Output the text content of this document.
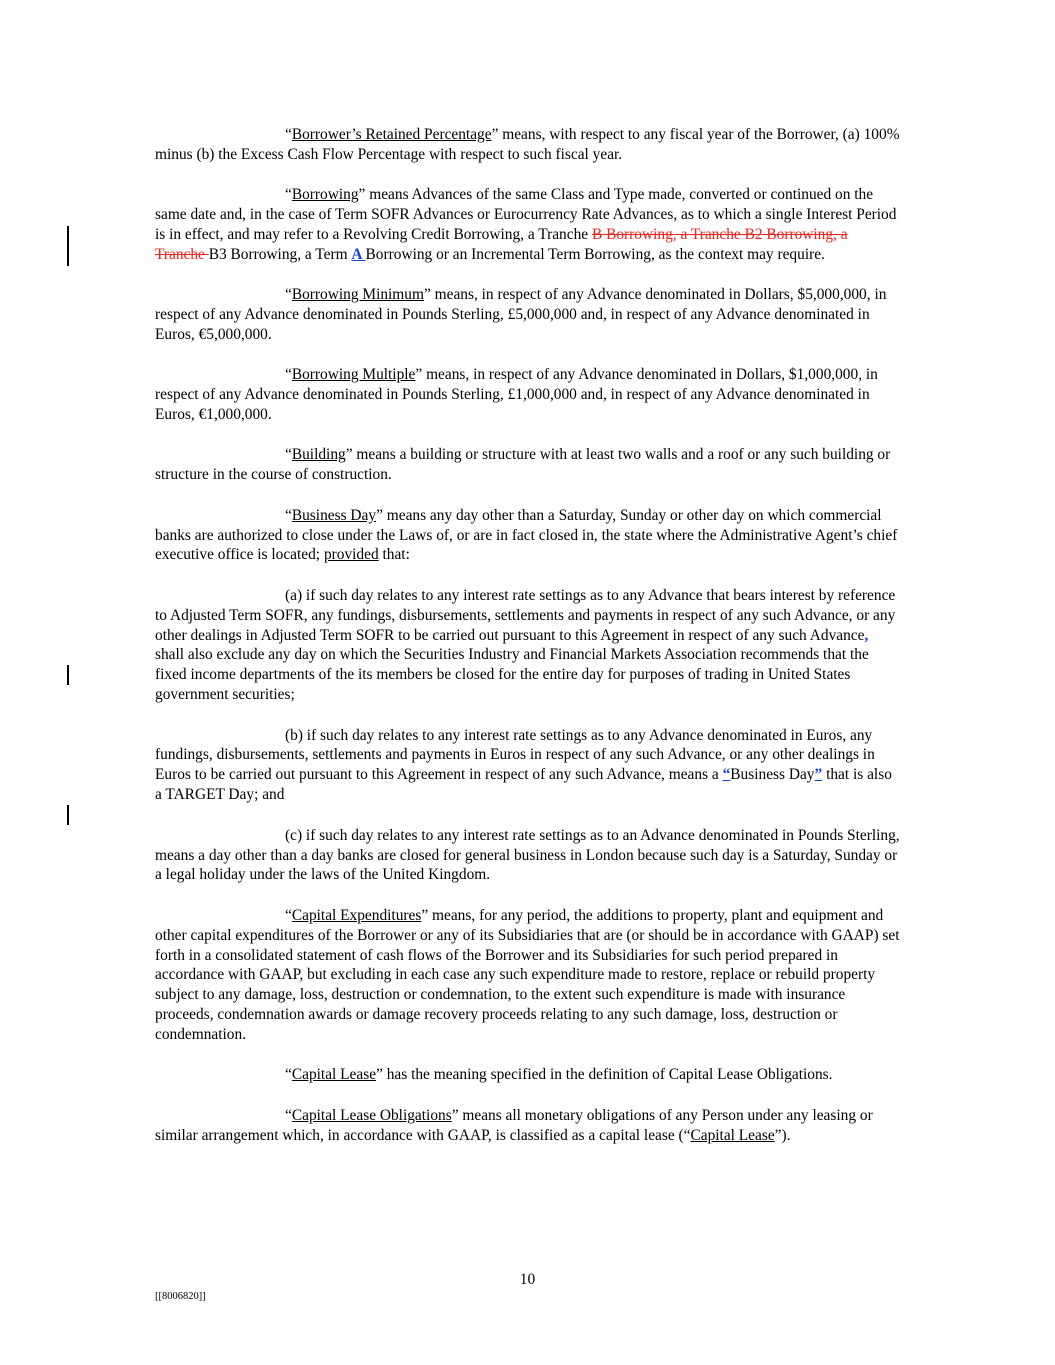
“Borrower’s Retained Percentage” means, with respect to any fiscal year of the Borrower, (a) 100% minus (b) the Excess Cash Flow Percentage with respect to such fiscal year.

“Borrowing” means Advances of the same Class and Type made, converted or continued on the same date and, in the case of Term SOFR Advances or Eurocurrency Rate Advances, as to which a single Interest Period is in effect, and may refer to a Revolving Credit Borrowing, a Tranche B Borrowing, a Tranche B2 Borrowing, a Tranche B3 Borrowing, a Term A Borrowing or an Incremental Term Borrowing, as the context may require.

“Borrowing Minimum” means, in respect of any Advance denominated in Dollars, $5,000,000, in respect of any Advance denominated in Pounds Sterling, £5,000,000 and, in respect of any Advance denominated in Euros, €5,000,000.

“Borrowing Multiple” means, in respect of any Advance denominated in Dollars, $1,000,000, in respect of any Advance denominated in Pounds Sterling, £1,000,000 and, in respect of any Advance denominated in Euros, €1,000,000.

“Building” means a building or structure with at least two walls and a roof or any such building or structure in the course of construction.

“Business Day” means any day other than a Saturday, Sunday or other day on which commercial banks are authorized to close under the Laws of, or are in fact closed in, the state where the Administrative Agent’s chief executive office is located; provided that:

(a) if such day relates to any interest rate settings as to any Advance that bears interest by reference to Adjusted Term SOFR, any fundings, disbursements, settlements and payments in respect of any such Advance, or any other dealings in Adjusted Term SOFR to be carried out pursuant to this Agreement in respect of any such Advance, shall also exclude any day on which the Securities Industry and Financial Markets Association recommends that the fixed income departments of the its members be closed for the entire day for purposes of trading in United States government securities;

(b) if such day relates to any interest rate settings as to any Advance denominated in Euros, any fundings, disbursements, settlements and payments in Euros in respect of any such Advance, or any other dealings in Euros to be carried out pursuant to this Agreement in respect of any such Advance, means a “Business Day” that is also a TARGET Day; and

(c) if such day relates to any interest rate settings as to an Advance denominated in Pounds Sterling, means a day other than a day banks are closed for general business in London because such day is a Saturday, Sunday or a legal holiday under the laws of the United Kingdom.

“Capital Expenditures” means, for any period, the additions to property, plant and equipment and other capital expenditures of the Borrower or any of its Subsidiaries that are (or should be in accordance with GAAP) set forth in a consolidated statement of cash flows of the Borrower and its Subsidiaries for such period prepared in accordance with GAAP, but excluding in each case any such expenditure made to restore, replace or rebuild property subject to any damage, loss, destruction or condemnation, to the extent such expenditure is made with insurance proceeds, condemnation awards or damage recovery proceeds relating to any such damage, loss, destruction or condemnation.

“Capital Lease” has the meaning specified in the definition of Capital Lease Obligations.

“Capital Lease Obligations” means all monetary obligations of any Person under any leasing or similar arrangement which, in accordance with GAAP, is classified as a capital lease (“Capital Lease”).

10
[[8006820]]
